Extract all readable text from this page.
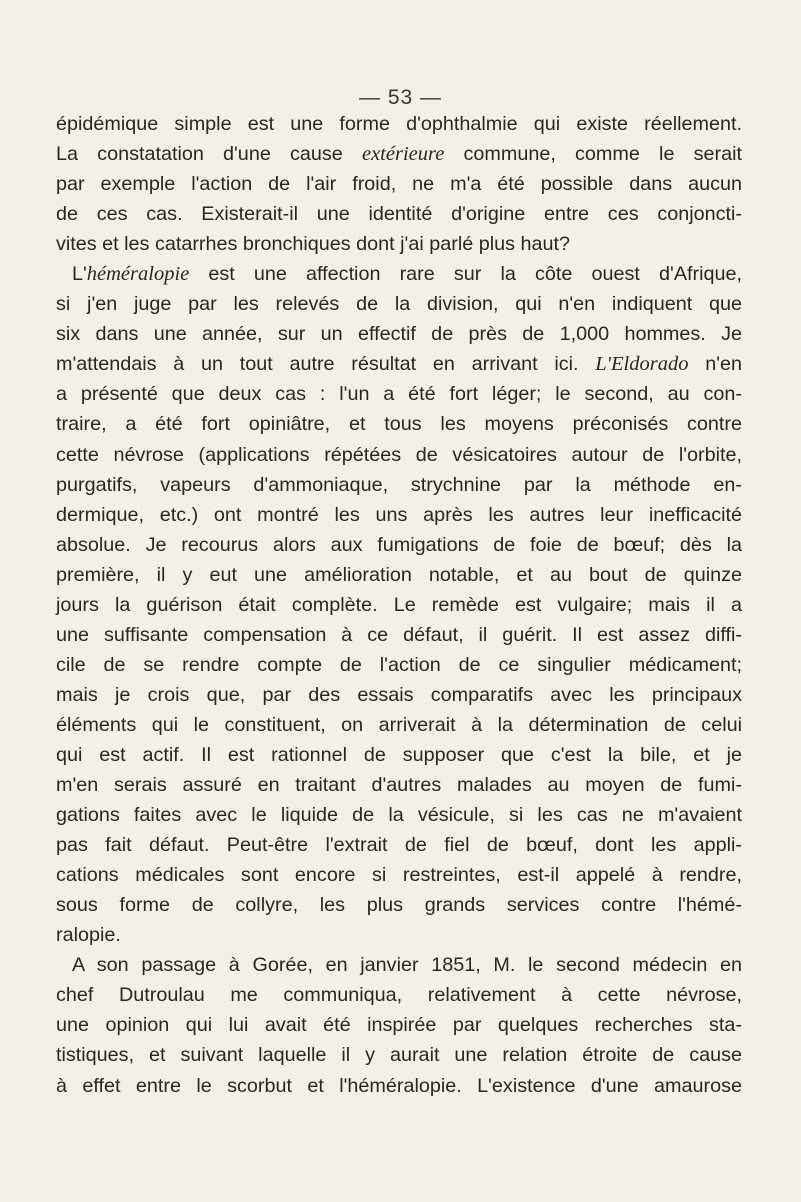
— 53 —
épidémique simple est une forme d'ophthalmie qui existe réellement.
La constatation d'une cause extérieure commune, comme le serait
par exemple l'action de l'air froid, ne m'a été possible dans aucun
de ces cas. Existerait-il une identité d'origine entre ces conjoncti-
vites et les catarrhes bronchiques dont j'ai parlé plus haut?
L'héméralopie est une affection rare sur la côte ouest d'Afrique,
si j'en juge par les relevés de la division, qui n'en indiquent que
six dans une année, sur un effectif de près de 1,000 hommes. Je
m'attendais à un tout autre résultat en arrivant ici. L'Eldorado n'en
a présenté que deux cas : l'un a été fort léger; le second, au con-
traire, a été fort opiniâtre, et tous les moyens préconisés contre
cette névrose (applications répétées de vésicatoires autour de l'orbite,
purgatifs, vapeurs d'ammoniaque, strychnine par la méthode en-
dermique, etc.) ont montré les uns après les autres leur inefficacité
absolue. Je recourus alors aux fumigations de foie de bœuf; dès la
première, il y eut une amélioration notable, et au bout de quinze
jours la guérison était complète. Le remède est vulgaire; mais il a
une suffisante compensation à ce défaut, il guérit. Il est assez diffi-
cile de se rendre compte de l'action de ce singulier médicament;
mais je crois que, par des essais comparatifs avec les principaux
éléments qui le constituent, on arriverait à la détermination de celui
qui est actif. Il est rationnel de supposer que c'est la bile, et je
m'en serais assuré en traitant d'autres malades au moyen de fumi-
gations faites avec le liquide de la vésicule, si les cas ne m'avaient
pas fait défaut. Peut-être l'extrait de fiel de bœuf, dont les appli-
cations médicales sont encore si restreintes, est-il appelé à rendre,
sous forme de collyre, les plus grands services contre l'hémé-
ralopie.
A son passage à Gorée, en janvier 1851, M. le second médecin en
chef Dutroulau me communiqua, relativement à cette névrose,
une opinion qui lui avait été inspirée par quelques recherches sta-
tistiques, et suivant laquelle il y aurait une relation étroite de cause
à effet entre le scorbut et l'héméralopie. L'existence d'une amaurose
